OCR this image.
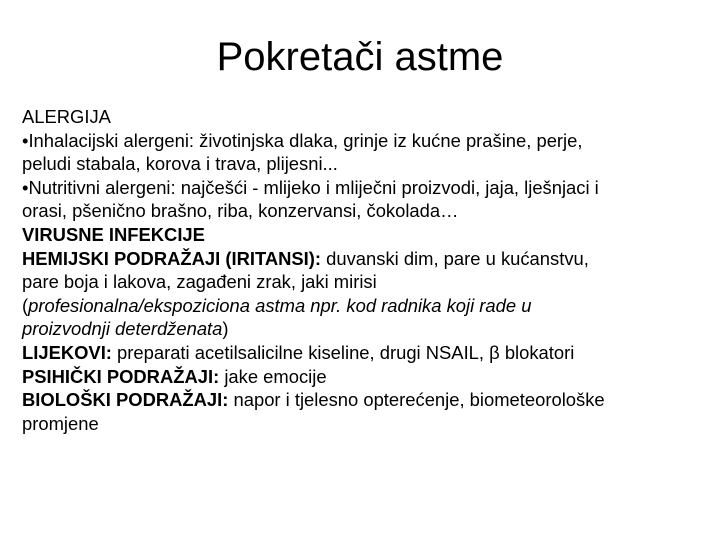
Pokretači astme
ALERGIJA
•Inhalacijski alergeni: životinjska dlaka, grinje iz kućne prašine, perje,
peludi stabala, korova i trava, plijesni...
•Nutritivni alergeni: najčešći - mlijeko i mliječni proizvodi, jaja, lješnjaci i
orasi, pšenično brašno, riba, konzervansi, čokolada…
VIRUSNE INFEKCIJE
HEMIJSKI PODRAŽAJI (IRITANSI): duvanski dim, pare u kućanstvu,
pare boja i lakova, zagađeni zrak, jaki mirisi
(profesionalna/ekspoziciona astma npr. kod radnika koji rade u
proizvodnji deterdženata)
LIJEKOVI: preparati acetilsalicilne kiseline, drugi NSAIL, β blokatori
PSIHIČKI PODRAŽAJI: jake emocije
BIOLOŠKI PODRAŽAJI: napor i tjelesno opterećenje, biometeorološke
promjene
